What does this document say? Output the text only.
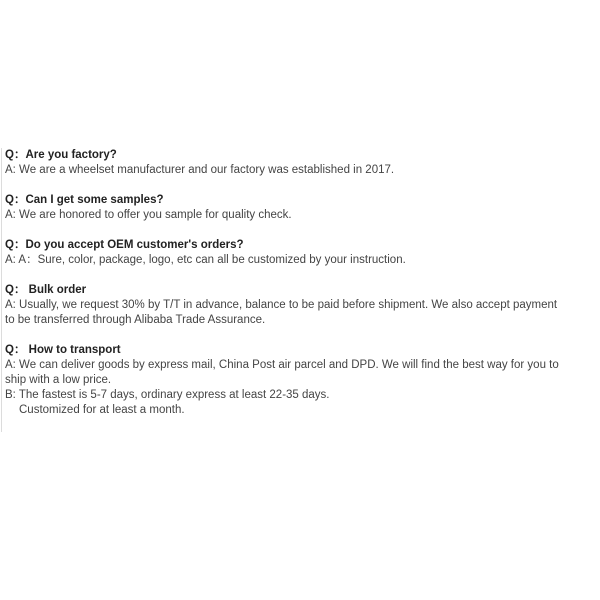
Q：Are you factory?

A: We are a wheelset manufacturer and our factory was established in 2017.

Q：Can I get some samples?

A: We are honored to offer you sample for quality check.

Q：Do you accept OEM customer's orders?

A: A：Sure, color, package, logo, etc can all be customized by your instruction.

Q： Bulk order

A: Usually, we request 30% by T/T in advance, balance to be paid before shipment. We also accept payment to be transferred through Alibaba Trade Assurance.

Q： How to transport

A: We can deliver goods by express mail, China Post air parcel and DPD. We will find the best way for you to ship with a low price.

B: The fastest is 5-7 days, ordinary express at least 22-35 days.

Customized for at least a month.
